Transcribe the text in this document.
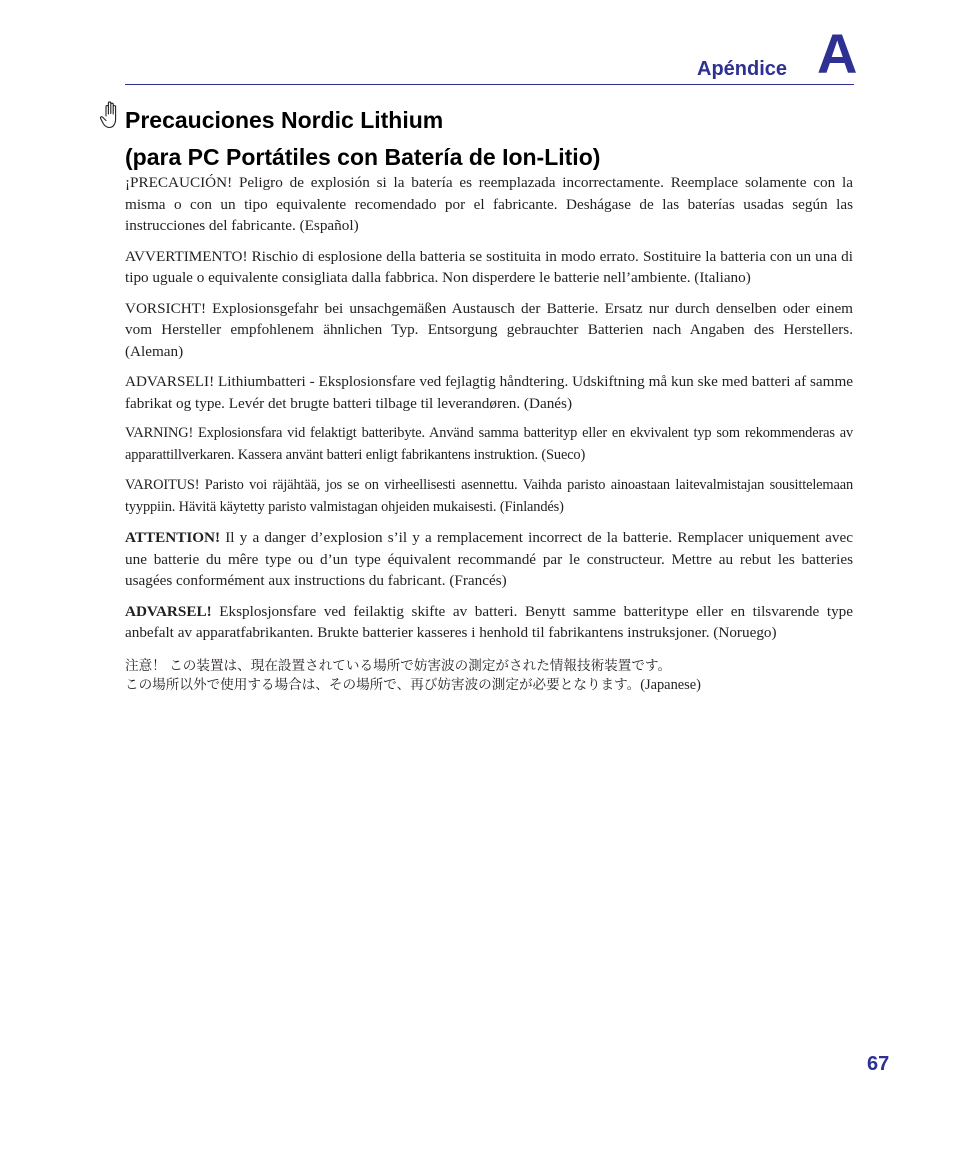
Apéndice A
Precauciones Nordic Lithium
(para PC Portátiles con Batería de Ion-Litio)

¡PRECAUCIÓN! Peligro de explosión si la batería es reemplazada incorrectamente. Reemplace solamente con la misma o con un tipo equivalente recomendado por el fabricante. Deshágase de las baterías usadas según las instrucciones del fabricante. (Español)

AVVERTIMENTO! Rischio di esplosione della batteria se sostituita in modo errato. Sostituire la batteria con un una di tipo uguale o equivalente consigliata dalla fabbrica. Non disperdere le batterie nell’ambiente. (Italiano)

VORSICHT! Explosionsgefahr bei unsachgemäßen Austausch der Batterie. Ersatz nur durch denselben oder einem vom Hersteller empfohlenem ähnlichen Typ. Entsorgung gebrauchter Batterien nach Angaben des Herstellers. (Aleman)

ADVARSELI! Lithiumbatteri - Eksplosionsfare ved fejlagtig håndtering. Udskiftning må kun ske med batteri af samme fabrikat og type. Levér det brugte batteri tilbage til leverandøren. (Danés)

VARNING! Explosionsfara vid felaktigt batteribyte. Använd samma batterityp eller en ekvivalent typ som rekommenderas av apparattillverkaren. Kassera använt batteri enligt fabrikantens instruktion. (Sueco)

VAROITUS! Paristo voi räjähtää, jos se on virheellisesti asennettu. Vaihda paristo ainoastaan laitevalmistajan sousittelemaan tyyppiin. Hävitä käytetty paristo valmistagan ohjeiden mukaisesti. (Finlandés)

ATTENTION! Il y a danger d’explosion s’il y a remplacement incorrect de la batterie. Remplacer uniquement avec une batterie du mêre type ou d’un type équivalent recommandé par le constructeur. Mettre au rebut les batteries usagées conformément aux instructions du fabricant. (Francés)

ADVARSEL! Eksplosjonsfare ved feilaktig skifte av batteri. Benytt samme batteritype eller en tilsvarende type anbefalt av apparatfabrikanten. Brukte batterier kasseres i henhold til fabrikantens instruksjoner. (Noruego)

注意！ この装置は、現在設置されている場所で妨害波の測定がされた情報技術装置です。
この場所以外で使用する場合は、その場所で、再び妨害波の測定が必要となります。(Japanese)
67
